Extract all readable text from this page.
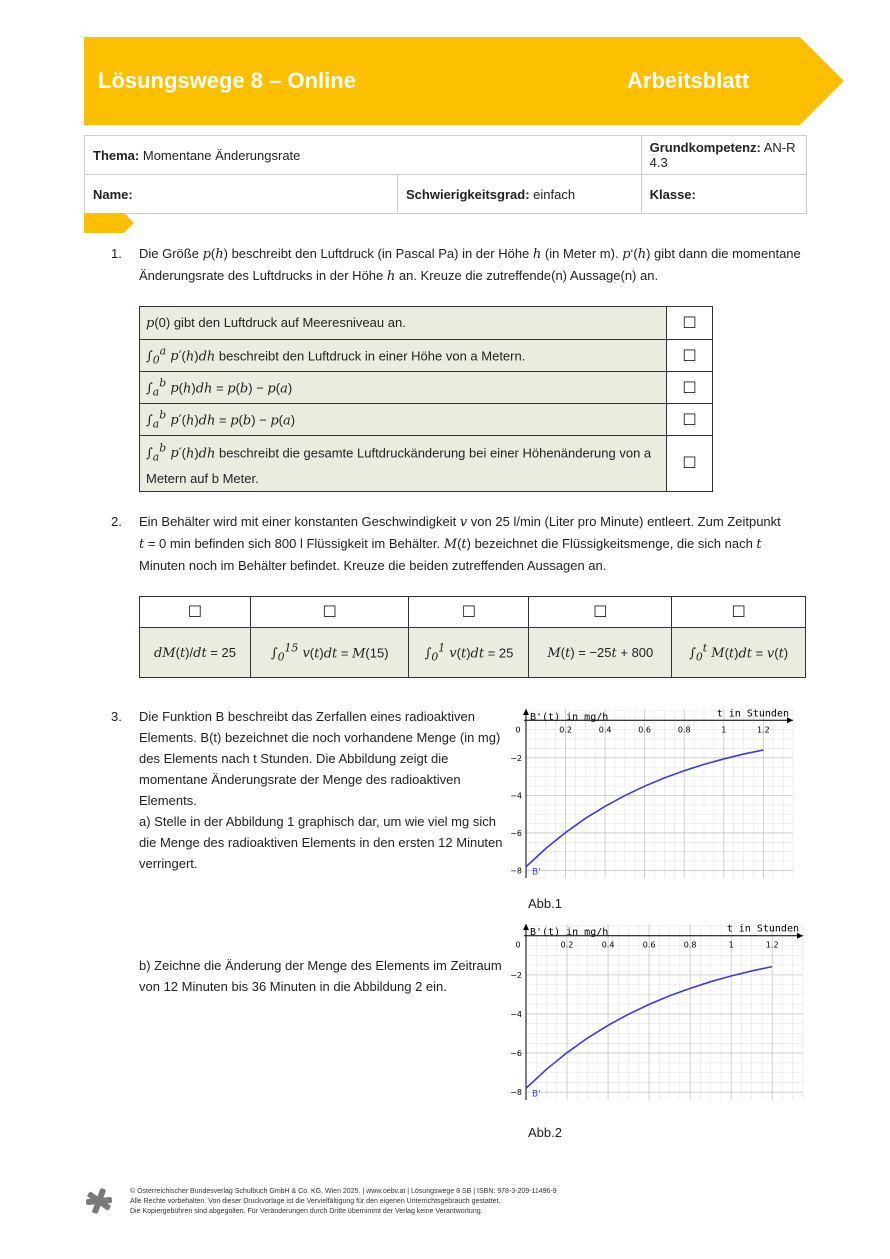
Lösungswege 8 – Online	Arbeitsblatt
Thema: Momentane Änderungsrate		Grundkompetenz: AN-R 4.3
Name:	Schwierigkeitsgrad: einfach	Klasse:
1. Die Größe p(h) beschreibt den Luftdruck (in Pascal Pa) in der Höhe h (in Meter m). p‘(h) gibt dann die momentane
Änderungsrate des Luftdrucks in der Höhe h an. Kreuze die zutreffende(n) Aussage(n) an.
p(0) gibt den Luftdruck auf Meeresniveau an.	☐
$\int_0^a$ p′(h)dh beschreibt den Luftdruck in einer Höhe von a Metern.	☐
$\int_a^b$ p(h)dh = p(b) − p(a)	☐
$\int_a^b$ p′(h)dh = p(b) − p(a)	☐
$\int_a^b$ p′(h)dh beschreibt die gesamte Luftdruckänderung bei einer Höhenänderung von a Metern auf b Meter.	☐
2. Ein Behälter wird mit einer konstanten Geschwindigkeit v von 25 l/min (Liter pro Minute) entleert. Zum Zeitpunkt
t = 0 min befinden sich 800 l Flüssigkeit im Behälter. M(t) bezeichnet die Flüssigkeitsmenge, die sich nach t
Minuten noch im Behälter befindet. Kreuze die beiden zutreffenden Aussagen an.
☐	☐	☐	☐	☐
dM(t)/dt = 25	$\int_0^{15}$ v(t)dt = M(15)	$\int_0^1$ v(t)dt = 25	M(t) = −25t + 800	$\int_0^t$ M(t)dt = v(t)
3. Die Funktion B beschreibt das Zerfallen eines radioaktiven
Elements. B(t) bezeichnet die noch vorhandene Menge (in mg)
des Elements nach t Stunden. Die Abbildung zeigt die
momentane Änderungsrate der Menge des radioaktiven
Elements.
a) Stelle in der Abbildung 1 graphisch dar, um wie viel mg sich
die Menge des radioaktiven Elements in den ersten 12 Minuten
verringert.
b) Zeichne die Änderung der Menge des Elements im Zeitraum
von 12 Minuten bis 36 Minuten in die Abbildung 2 ein.
B'(t) in mg/h	t in Stunden
0	0.2	0.4	0.6	0.8	1	1.2
−2
−4
−6
−8 B'
Abb.1
B'(t) in mg/h	t in Stunden
0	0.2	0.4	0.6	0.8	1	1.2
−2
−4
−6
−8 B'
Abb.2
© Österreichischer Bundesverlag Schulbuch GmbH & Co. KG, Wien 2025. | www.oebv.at | Lösungswege 8 SB | ISBN: 978-3-209-11496-9
Alle Rechte vorbehalten. Von dieser Druckvorlage ist die Vervielfältigung für den eigenen Unterrichtsgebrauch gestattet.
Die Kopiergebühren sind abgegolten. Für Veränderungen durch Dritte übernimmt der Verlag keine Verantwortung.
